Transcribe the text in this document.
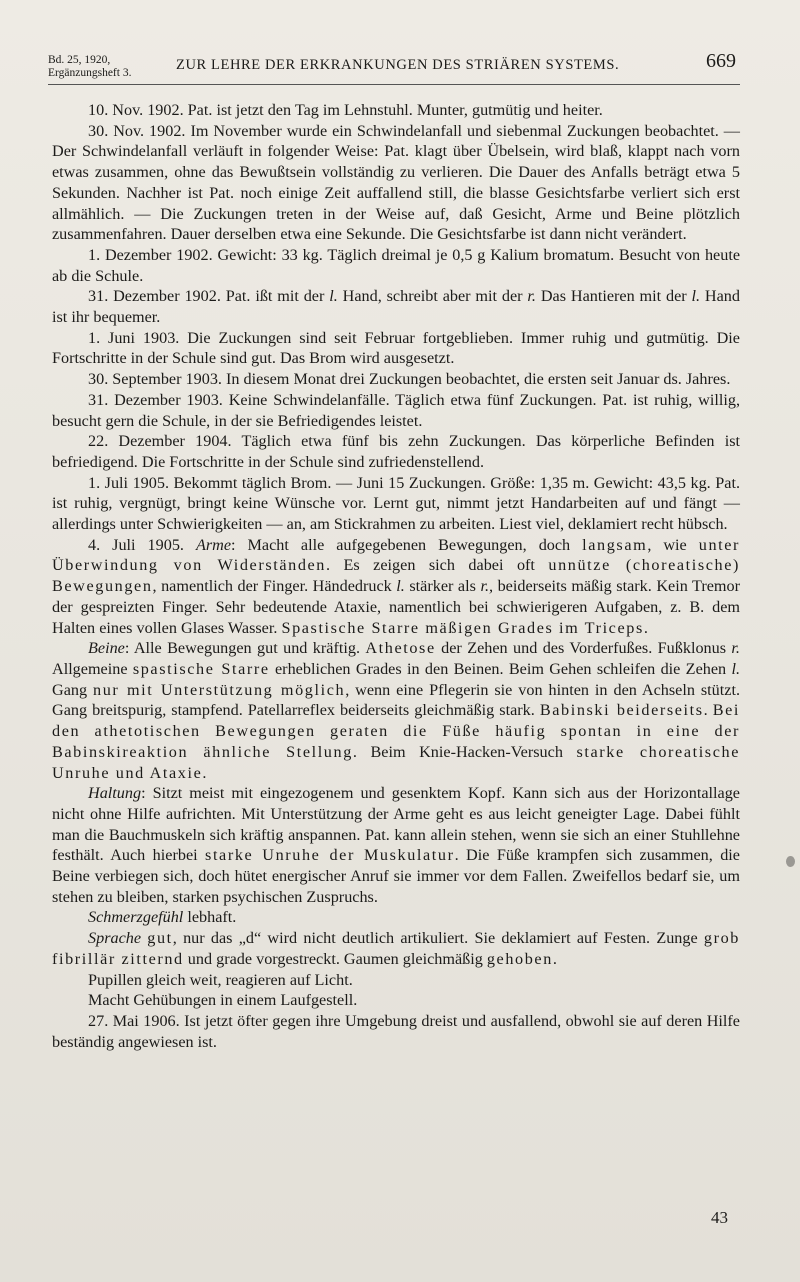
Bd. 25, 1920,
Ergänzungsheft 3.	ZUR LEHRE DER ERKRANKUNGEN DES STRIÄREN SYSTEMS.	669

10. Nov. 1902. Pat. ist jetzt den Tag im Lehnstuhl. Munter, gutmütig und heiter.

30. Nov. 1902. Im November wurde ein Schwindelanfall und siebenmal Zuckungen beobachtet. — Der Schwindelanfall verläuft in folgender Weise: Pat. klagt über Übelsein, wird blaß, klappt nach vorn etwas zusammen, ohne das Bewußtsein vollständig zu verlieren. Die Dauer des Anfalls beträgt etwa 5 Sekunden. Nachher ist Pat. noch einige Zeit auffallend still, die blasse Gesichtsfarbe verliert sich erst allmählich. — Die Zuckungen treten in der Weise auf, daß Gesicht, Arme und Beine plötzlich zusammenfahren. Dauer derselben etwa eine Sekunde. Die Gesichtsfarbe ist dann nicht verändert.

1. Dezember 1902. Gewicht: 33 kg. Täglich dreimal je 0,5 g Kalium bromatum. Besucht von heute ab die Schule.

31. Dezember 1902. Pat. ißt mit der l. Hand, schreibt aber mit der r. Das Hantieren mit der l. Hand ist ihr bequemer.

1. Juni 1903. Die Zuckungen sind seit Februar fortgeblieben. Immer ruhig und gutmütig. Die Fortschritte in der Schule sind gut. Das Brom wird ausgesetzt.

30. September 1903. In diesem Monat drei Zuckungen beobachtet, die ersten seit Januar ds. Jahres.

31. Dezember 1903. Keine Schwindelanfälle. Täglich etwa fünf Zuckungen. Pat. ist ruhig, willig, besucht gern die Schule, in der sie Befriedigendes leistet.

22. Dezember 1904. Täglich etwa fünf bis zehn Zuckungen. Das körperliche Befinden ist befriedigend. Die Fortschritte in der Schule sind zufriedenstellend.

1. Juli 1905. Bekommt täglich Brom. — Juni 15 Zuckungen. Größe: 1,35 m. Gewicht: 43,5 kg. Pat. ist ruhig, vergnügt, bringt keine Wünsche vor. Lernt gut, nimmt jetzt Handarbeiten auf und fängt — allerdings unter Schwierigkeiten — an, am Stickrahmen zu arbeiten. Liest viel, deklamiert recht hübsch.

4. Juli 1905. Arme: Macht alle aufgegebenen Bewegungen, doch langsam, wie unter Überwindung von Widerständen. Es zeigen sich dabei oft unnütze (choreatische) Bewegungen, namentlich der Finger. Händedruck l. stärker als r., beiderseits mäßig stark. Kein Tremor der gespreizten Finger. Sehr bedeutende Ataxie, namentlich bei schwierigeren Aufgaben, z. B. dem Halten eines vollen Glases Wasser. Spastische Starre mäßigen Grades im Triceps.

Beine: Alle Bewegungen gut und kräftig. Athetose der Zehen und des Vorderfußes. Fußklonus r. Allgemeine spastische Starre erheblichen Grades in den Beinen. Beim Gehen schleifen die Zehen l. Gang nur mit Unterstützung möglich, wenn eine Pflegerin sie von hinten in den Achseln stützt. Gang breitspurig, stampfend. Patellarreflex beiderseits gleichmäßig stark. Babinski beiderseits. Bei den athetotischen Bewegungen geraten die Füße häufig spontan in eine der Babinskireaktion ähnliche Stellung. Beim Knie-Hacken-Versuch starke choreatische Unruhe und Ataxie.

Haltung: Sitzt meist mit eingezogenem und gesenktem Kopf. Kann sich aus der Horizontallage nicht ohne Hilfe aufrichten. Mit Unterstützung der Arme geht es aus leicht geneigter Lage. Dabei fühlt man die Bauchmuskeln sich kräftig anspannen. Pat. kann allein stehen, wenn sie sich an einer Stuhllehne festhält. Auch hierbei starke Unruhe der Muskulatur. Die Füße krampfen sich zusammen, die Beine verbiegen sich, doch hütet energischer Anruf sie immer vor dem Fallen. Zweifellos bedarf sie, um stehen zu bleiben, starken psychischen Zuspruchs.

Schmerzgefühl lebhaft.

Sprache gut, nur das „d“ wird nicht deutlich artikuliert. Sie deklamiert auf Festen. Zunge grob fibrillär zitternd und grade vorgestreckt. Gaumen gleichmäßig gehoben.

Pupillen gleich weit, reagieren auf Licht.

Macht Gehübungen in einem Laufgestell.

27. Mai 1906. Ist jetzt öfter gegen ihre Umgebung dreist und ausfallend, obwohl sie auf deren Hilfe beständig angewiesen ist.

43
